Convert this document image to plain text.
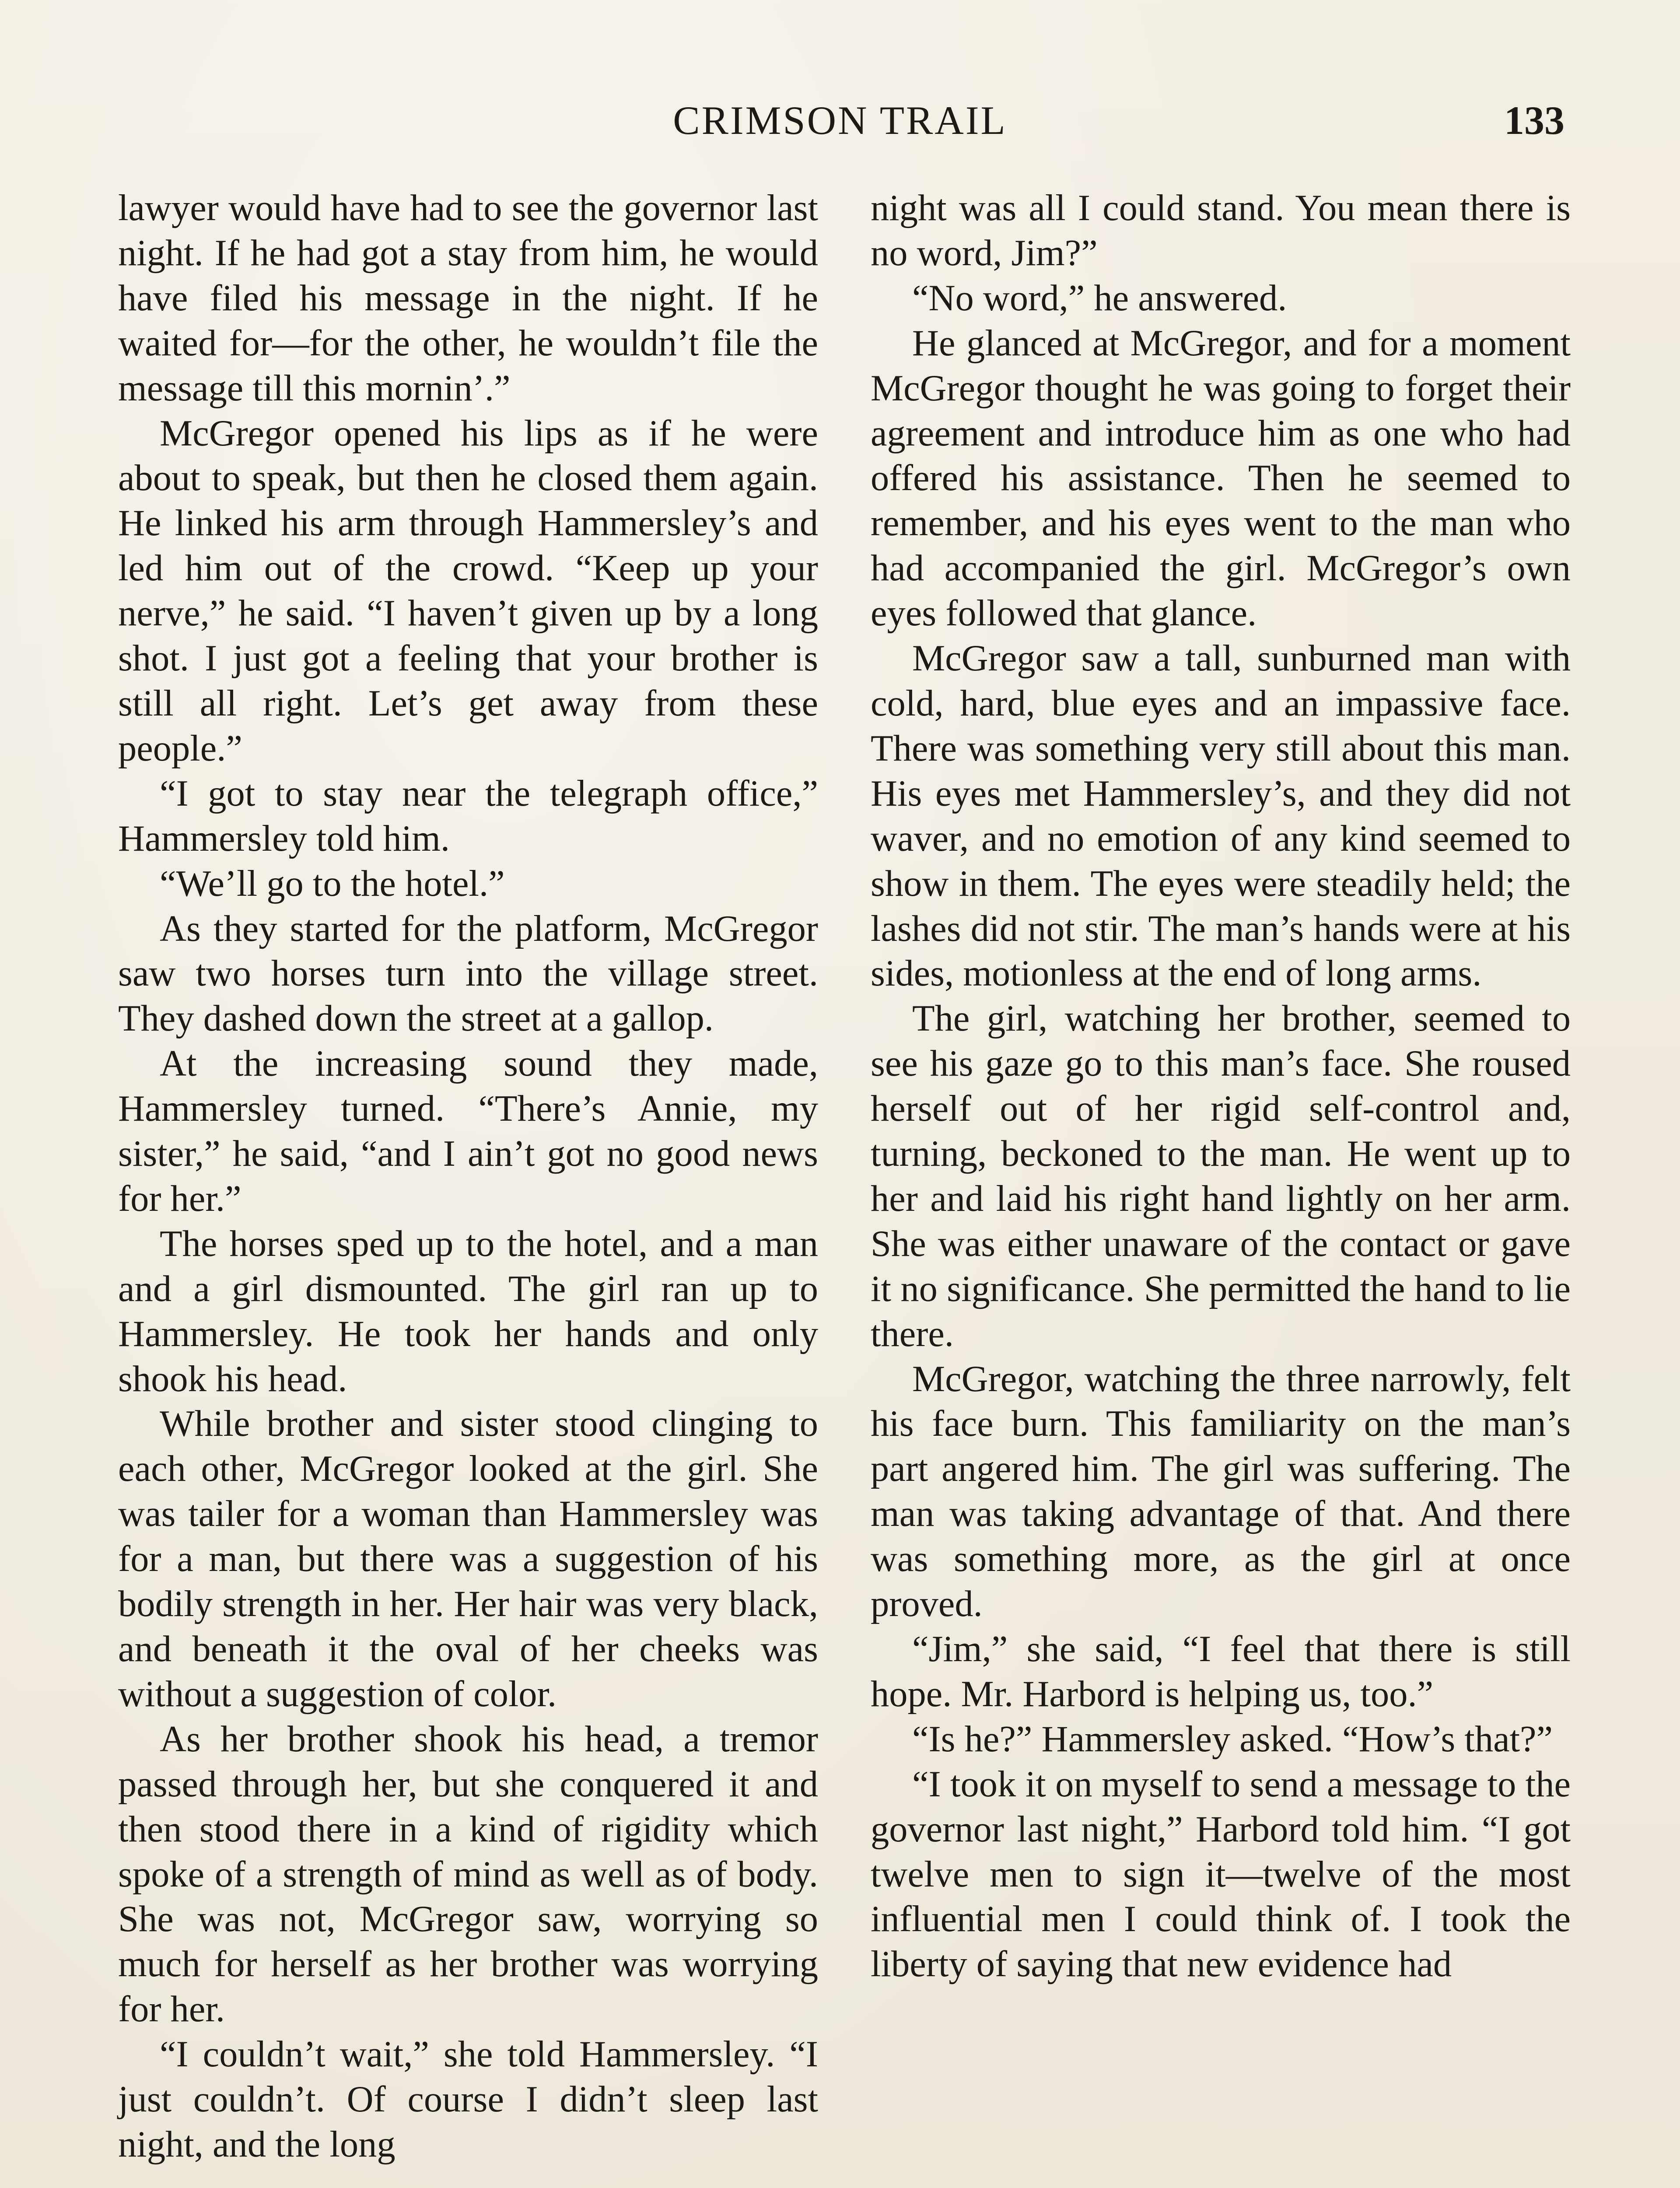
CRIMSON TRAIL	133

lawyer would have had to see the governor last night. If he had got a stay from him, he would have filed his message in the night. If he waited for—for the other, he wouldn’t file the message till this mornin’.”

McGregor opened his lips as if he were about to speak, but then he closed them again. He linked his arm through Hammersley’s and led him out of the crowd. “Keep up your nerve,” he said. “I haven’t given up by a long shot. I just got a feeling that your brother is still all right. Let’s get away from these people.”

“I got to stay near the telegraph office,” Hammersley told him.

“We’ll go to the hotel.”

As they started for the platform, McGregor saw two horses turn into the village street. They dashed down the street at a gallop.

At the increasing sound they made, Hammersley turned. “There’s Annie, my sister,” he said, “and I ain’t got no good news for her.”

The horses sped up to the hotel, and a man and a girl dismounted. The girl ran up to Hammersley. He took her hands and only shook his head.

While brother and sister stood clinging to each other, McGregor looked at the girl. She was tailer for a woman than Hammersley was for a man, but there was a suggestion of his bodily strength in her. Her hair was very black, and beneath it the oval of her cheeks was without a suggestion of color.

As her brother shook his head, a tremor passed through her, but she conquered it and then stood there in a kind of rigidity which spoke of a strength of mind as well as of body. She was not, McGregor saw, worrying so much for herself as her brother was worrying for her.

“I couldn’t wait,” she told Hammersley. “I just couldn’t. Of course I didn’t sleep last night, and the long

night was all I could stand. You mean there is no word, Jim?”

“No word,” he answered.

He glanced at McGregor, and for a moment McGregor thought he was going to forget their agreement and introduce him as one who had offered his assistance. Then he seemed to remember, and his eyes went to the man who had accompanied the girl. McGregor’s own eyes followed that glance.

McGregor saw a tall, sunburned man with cold, hard, blue eyes and an impassive face. There was something very still about this man. His eyes met Hammersley’s, and they did not waver, and no emotion of any kind seemed to show in them. The eyes were steadily held; the lashes did not stir. The man’s hands were at his sides, motionless at the end of long arms.

The girl, watching her brother, seemed to see his gaze go to this man’s face. She roused herself out of her rigid self-control and, turning, beckoned to the man. He went up to her and laid his right hand lightly on her arm. She was either unaware of the contact or gave it no significance. She permitted the hand to lie there.

McGregor, watching the three narrowly, felt his face burn. This familiarity on the man’s part angered him. The girl was suffering. The man was taking advantage of that. And there was something more, as the girl at once proved.

“Jim,” she said, “I feel that there is still hope. Mr. Harbord is helping us, too.”

“Is he?” Hammersley asked. “How’s that?”

“I took it on myself to send a message to the governor last night,” Harbord told him. “I got twelve men to sign it—twelve of the most influential men I could think of. I took the liberty of saying that new evidence had
